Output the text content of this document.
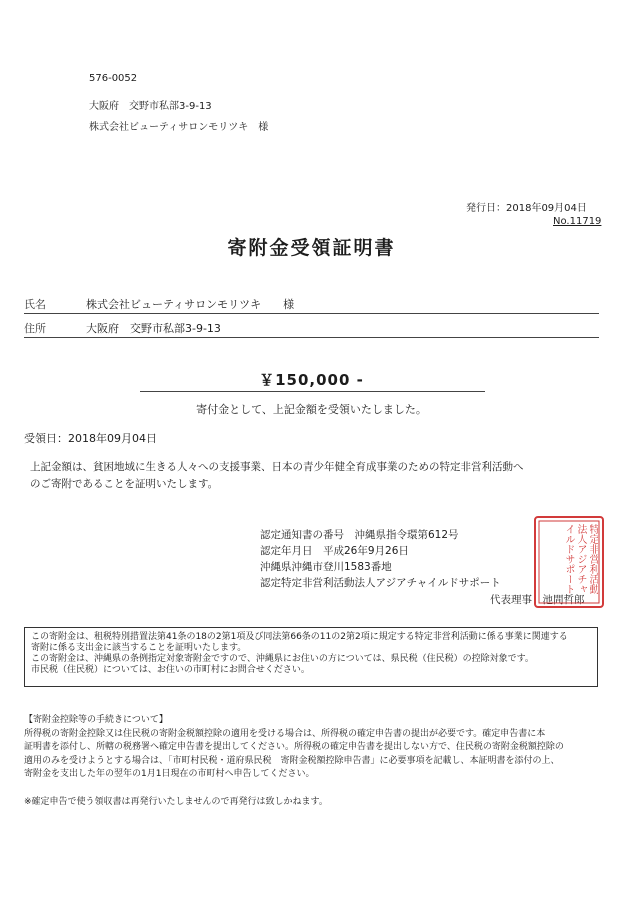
576-0052
大阪府　交野市私部3-9-13
株式会社ビューティサロンモリツキ　様
発行日：2018年09月04日
No.11719
寄附金受領証明書
氏名	株式会社ビューティサロンモリツキ　　様
住所	大阪府　交野市私部3-9-13
￥150,000 -
寄付金として、上記金額を受領いたしました。
受領日：2018年09月04日
上記金額は、貧困地域に生きる人々への支援事業、日本の青少年健全育成事業のための特定非営利活動へ
のご寄附であることを証明いたします。
認定通知書の番号　沖縄県指令環第612号
認定年月日　平成26年9月26日
沖縄県沖縄市登川1583番地
認定特定非営利活動法人アジアチャイルドサポート
代表理事　池間哲郎
特定非営利活動法人アジアチャイルドサポート

この寄附金は、租税特別措置法第41条の18の2第1項及び同法第66条の11の2第2項に規定する特定非営利活動に係る事業に関連する

寄附に係る支出金に該当することを証明いたします。

この寄附金は、沖縄県の条例指定対象寄附金ですので、沖縄県にお住いの方については、県民税（住民税）の控除対象です。

市民税（住民税）については、お住いの市町村にお問合せください。

【寄附金控除等の手続きについて】

所得税の寄附金控除又は住民税の寄附金税額控除の適用を受ける場合は、所得税の確定申告書の提出が必要です。確定申告書に本

証明書を添付し、所轄の税務署へ確定申告書を提出してください。所得税の確定申告書を提出しない方で、住民税の寄附金税額控除の

適用のみを受けようとする場合は、「市町村民税・道府県民税　寄附金税額控除申告書」に必要事項を記載し、本証明書を添付の上、

寄附金を支出した年の翌年の1月1日現在の市町村へ申告してください。

※確定申告で使う領収書は再発行いたしませんので再発行は致しかねます。
